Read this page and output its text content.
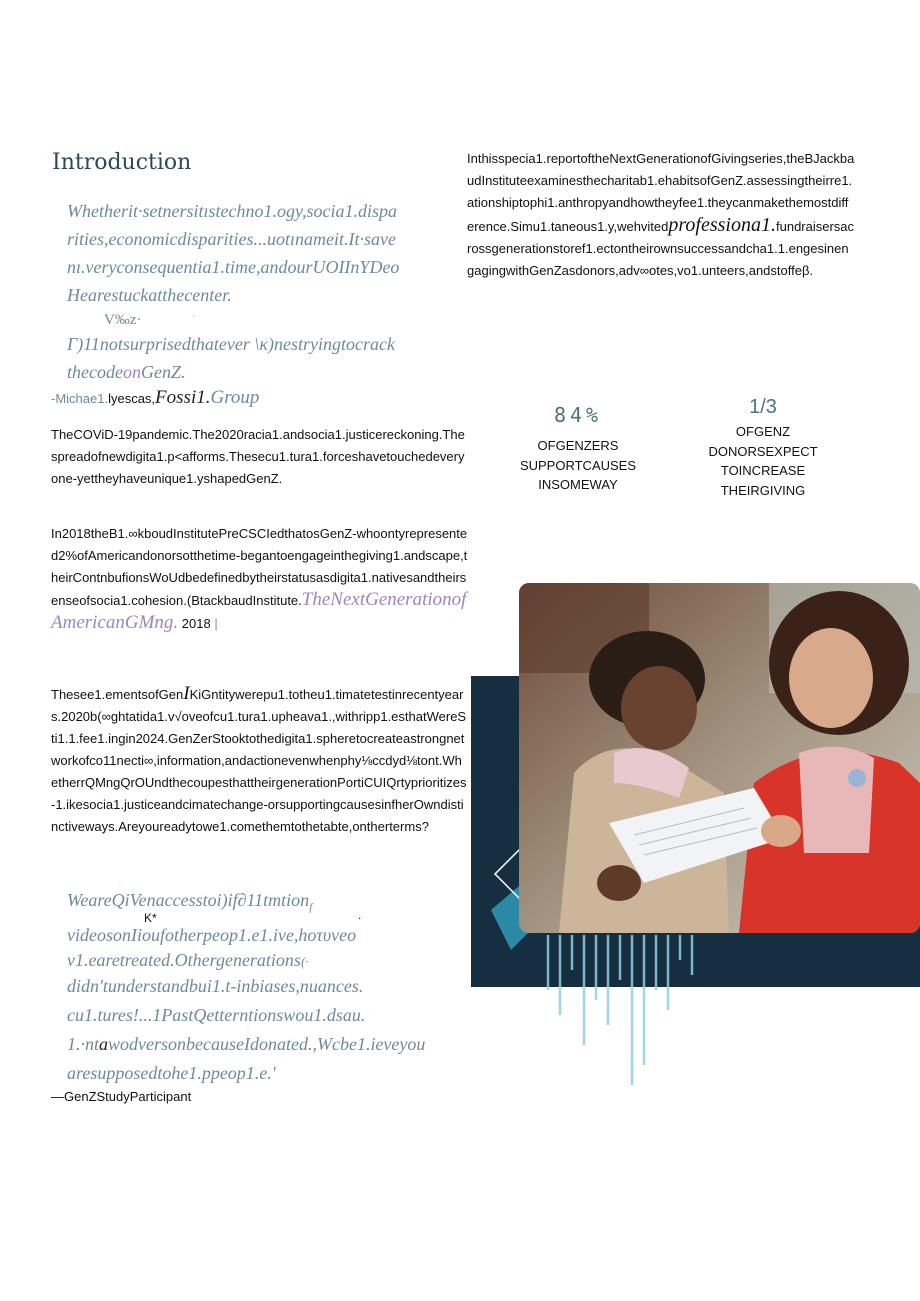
Introduction

Whetherit·setnersitıstechno1.ogy,socia1.dispa

rities,economicdisparities...uotınameit.It·save

nı.veryconsequentia1.time,andourUOIInYDeo

Hearestuckatthecenter.

V‰z·	·
Γ)11notsurprisedthatever \κ)nestryingtocrack
thecodeonGenZ.
-Michae1.lyescas,Fossi1.Group
TheCOViD-19pandemic.The2020racia1.andsocia1.justicereckoning.Thespreadofnewdigita1.p<afforms.Thesecu1.tura1.forceshavetouchedeveryone-yettheyhaveunique1.yshapedGenZ.
In2018theB1.∞kboudInstitutePreCSCIedthatosGenZ-whoontyrepresented2%ofAmericandonorsotthetime-begantoengageinthegiving1.andscape,theirContnbufionsWoUdbedefinedbytheirstatusasdigita1.nativesandtheirsenseofsocia1.cohesion.(BtackbaudInstitute.TheNextGenerationofAmericanGMng. 2018 |
Thesee1.ementsofGenIKiGntitywerepu1.totheu1.timatetestinrecentyears.2020b(∞ghtatida1.v√oveofcu1.tura1.upheava1.,withripp1.esthatWereSti1.1.fee1.ingin2024.GenZerStooktothedigita1.spheretocreateastrongnetworkofco11necti∞,information,andactionevenwhenphy⅛ccdyd⅛tont.WhetherrQMngQrOUndthecoupesthattheirgenerationPortiCUIQrtyprioritizes-1.ikesocia1.justiceandcimatechange-orsupportingcausesinfherOwndistinctiveways.Areyoureadytowe1.comethemtothetabte,ontherterms?
WeareQiVenaccesstoi)if∂11tmtion$_f$
videosonIioufotherpeop1.e1.ive,hoτυveo
v1.earetreated.Othergenerations(·
didn'tunderstandbui1.t-inbiases,nuances.
cu1.tures!...1PastQetterntionswou1.dsau.
1.·ntawodversonbecauseIdonated.,Wcbe1.ieveyou
aresupposedtohe1.ppeop1.e.'
K*	.
—GenZStudyParticipant
Inthisspecia1.reportoftheNextGenerationofGivingseries,theBJackbaudInstituteexaminesthecharitab1.ehabitsofGenZ.assessingtheirre1.ationshiptophi1.anthropyandhowtheyfee1.theycanmakethemostdifference.Simu1.taneous1.y,wehvitedprofessiona1.fundraisersacrossgenerationstoref1.ectontheirownsuccessandcha1.1.engesinengagingwithGenZasdonors,adv∞otes,vo1.unteers,andstoffeβ.
84%
OFGENZERS
SUPPORTCAUSES
INSOMEWAY
1/3
OFGENZ
DONORSEXPECT
TOINCREASE
THEIRGIVING
